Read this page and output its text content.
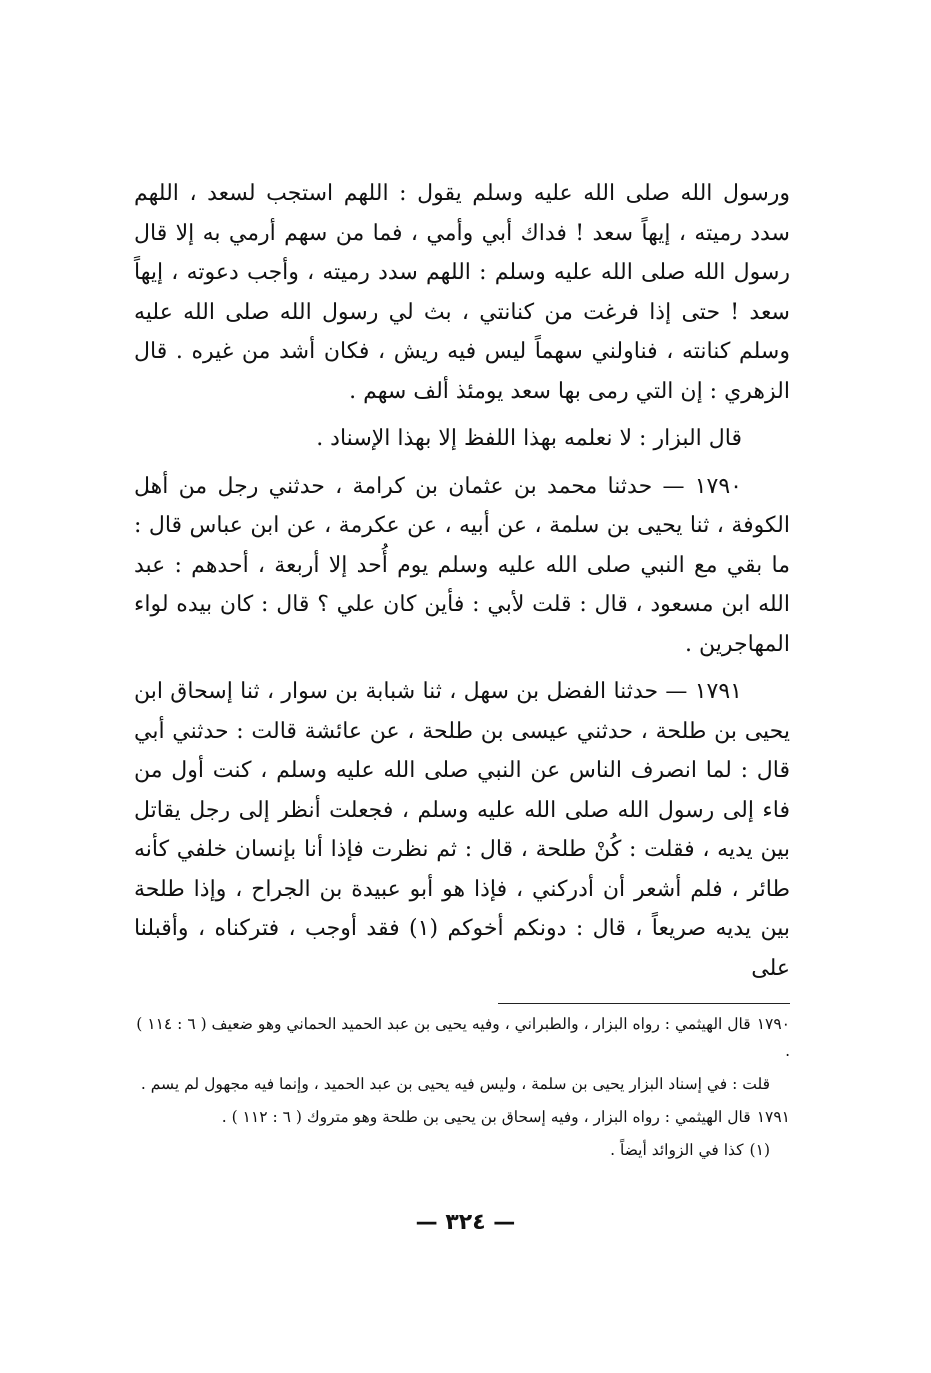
ورسول الله صلى الله عليه وسلم يقول : اللهم استجب لسعد ، اللهم سدد رميته ، إيهاً سعد ! فداك أبي وأمي ، فما من سهم أرمي به إلا قال رسول الله صلى الله عليه وسلم : اللهم سدد رميته ، وأجب دعوته ، إيهاً سعد ! حتى إذا فرغت من كنانتي ، بث لي رسول الله صلى الله عليه وسلم كنانته ، فناولني سهماً ليس فيه ريش ، فكان أشد من غيره . قال الزهري : إن التي رمى بها سعد يومئذ ألف سهم .

قال البزار : لا نعلمه بهذا اللفظ إلا بهذا الإسناد .

١٧٩٠ — حدثنا محمد بن عثمان بن كرامة ، حدثني رجل من أهل الكوفة ، ثنا يحيى بن سلمة ، عن أبيه ، عن عكرمة ، عن ابن عباس قال : ما بقي مع النبي صلى الله عليه وسلم يوم أُحد إلا أربعة ، أحدهم : عبد الله ابن مسعود ، قال : قلت لأبي : فأين كان علي ؟ قال : كان بيده لواء المهاجرين .

١٧٩١ — حدثنا الفضل بن سهل ، ثنا شبابة بن سوار ، ثنا إسحاق ابن يحيى بن طلحة ، حدثني عيسى بن طلحة ، عن عائشة قالت : حدثني أبي قال : لما انصرف الناس عن النبي صلى الله عليه وسلم ، كنت أول من فاء إلى رسول الله صلى الله عليه وسلم ، فجعلت أنظر إلى رجل يقاتل بين يديه ، فقلت : كُنْ طلحة ، قال : ثم نظرت فإذا أنا بإنسان خلفي كأنه طائر ، فلم أشعر أن أدركني ، فإذا هو أبو عبيدة بن الجراح ، وإذا طلحة بين يديه صريعاً ، قال : دونكم أخوكم (١) فقد أوجب ، فتركناه ، وأقبلنا على

١٧٩٠قال الهيثمي : رواه البزار ، والطبراني ، وفيه يحيى بن عبد الحميد الحماني وهو ضعيف ( ٦ : ١١٤ ) .

قلت : في إسناد البزار يحيى بن سلمة ، وليس فيه يحيى بن عبد الحميد ، وإنما فيه مجهول لم يسم .

١٧٩١قال الهيثمي : رواه البزار ، وفيه إسحاق بن يحيى بن طلحة وهو متروك ( ٦ : ١١٢ ) .

(١)كذا في الزوائد أيضاً .

— ٣٢٤ —
